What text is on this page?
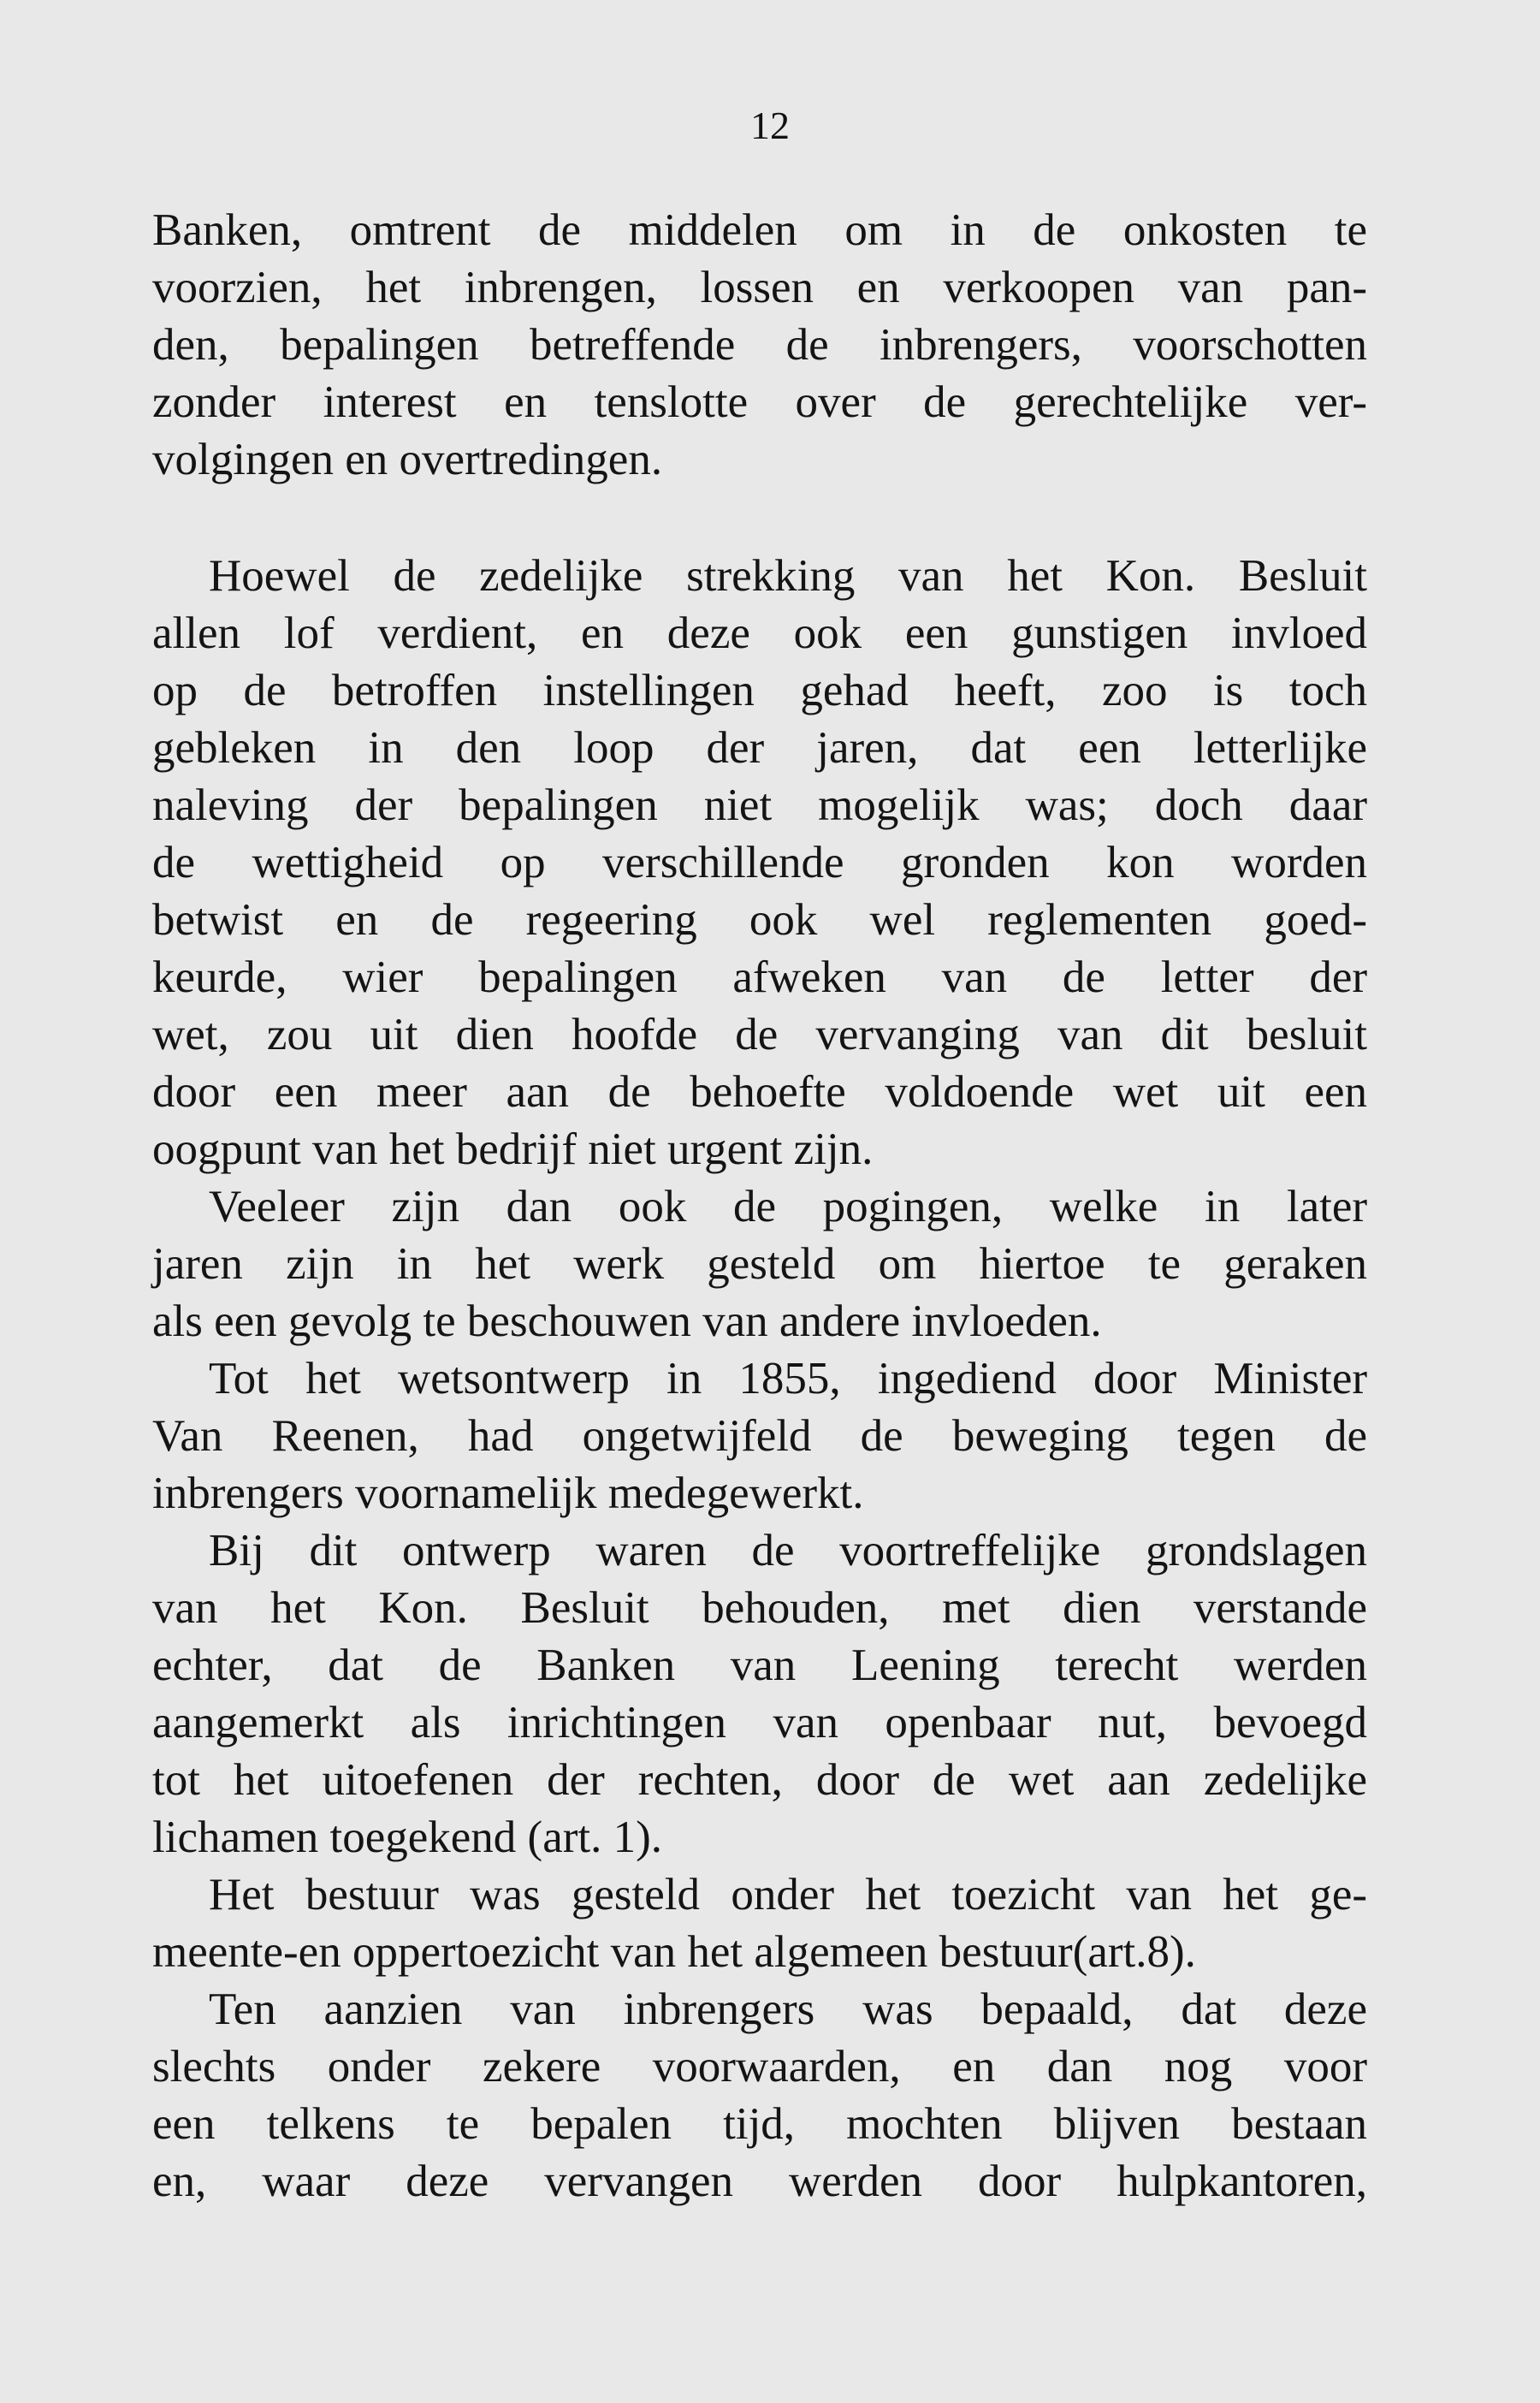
12

Banken, omtrent de middelen om in de onkosten te
voorzien, het inbrengen, lossen en verkoopen van pan-
den, bepalingen betreffende de inbrengers, voorschotten
zonder interest en tenslotte over de gerechtelijke ver-
volgingen en overtredingen.
Hoewel de zedelijke strekking van het Kon. Besluit
allen lof verdient, en deze ook een gunstigen invloed
op de betroffen instellingen gehad heeft, zoo is toch
gebleken in den loop der jaren, dat een letterlijke
naleving der bepalingen niet mogelijk was; doch daar
de wettigheid op verschillende gronden kon worden
betwist en de regeering ook wel reglementen goed-
keurde, wier bepalingen afweken van de letter der
wet, zou uit dien hoofde de vervanging van dit besluit
door een meer aan de behoefte voldoende wet uit een
oogpunt van het bedrijf niet urgent zijn.
Veeleer zijn dan ook de pogingen, welke in later
jaren zijn in het werk gesteld om hiertoe te geraken
als een gevolg te beschouwen van andere invloeden.
Tot het wetsontwerp in 1855, ingediend door Minister
Van Reenen, had ongetwijfeld de beweging tegen de
inbrengers voornamelijk medegewerkt.
Bij dit ontwerp waren de voortreffelijke grondslagen
van het Kon. Besluit behouden, met dien verstande
echter, dat de Banken van Leening terecht werden
aangemerkt als inrichtingen van openbaar nut, bevoegd
tot het uitoefenen der rechten, door de wet aan zedelijke
lichamen toegekend (art. 1).
Het bestuur was gesteld onder het toezicht van het ge-
meente-en oppertoezicht van het algemeen bestuur(art.8).
Ten aanzien van inbrengers was bepaald, dat deze
slechts onder zekere voorwaarden, en dan nog voor
een telkens te bepalen tijd, mochten blijven bestaan
en, waar deze vervangen werden door hulpkantoren,
